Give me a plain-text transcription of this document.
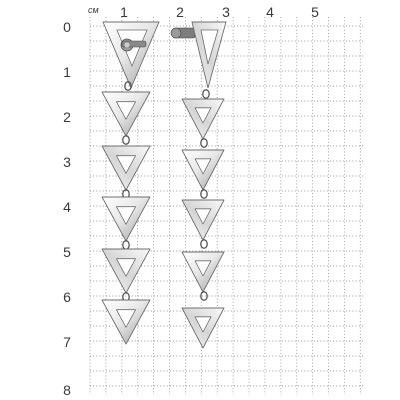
см 1	2	3	4	5
0
1
2
3
4
5
6
7
8
